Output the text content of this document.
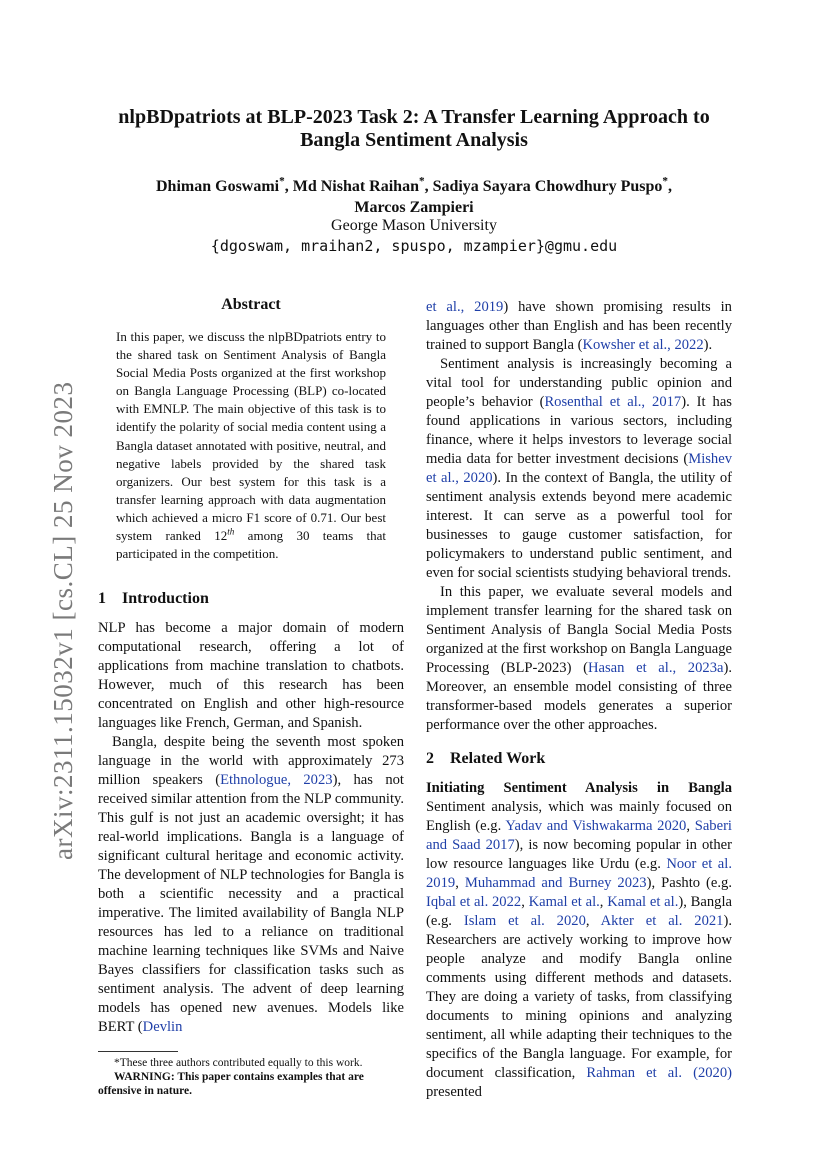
arXiv:2311.15032v1 [cs.CL] 25 Nov 2023
nlpBDpatriots at BLP-2023 Task 2: A Transfer Learning Approach to
Bangla Sentiment Analysis
Dhiman Goswami*, Md Nishat Raihan*, Sadiya Sayara Chowdhury Puspo*,
Marcos Zampieri
George Mason University
{dgoswam, mraihan2, spuspo, mzampier}@gmu.edu
Abstract

In this paper, we discuss the nlpBDpatriots entry to the shared task on Sentiment Analysis of Bangla Social Media Posts organized at the first workshop on Bangla Language Processing (BLP) co-located with EMNLP. The main objective of this task is to identify the polarity of social media content using a Bangla dataset annotated with positive, neutral, and negative labels provided by the shared task organizers. Our best system for this task is a transfer learning approach with data augmentation which achieved a micro F1 score of 0.71. Our best system ranked 12th among 30 teams that participated in the competition.

1 Introduction

NLP has become a major domain of modern computational research, offering a lot of applications from machine translation to chatbots. However, much of this research has been concentrated on English and other high-resource languages like French, German, and Spanish.

Bangla, despite being the seventh most spoken language in the world with approximately 273 million speakers (Ethnologue, 2023), has not received similar attention from the NLP community. This gulf is not just an academic oversight; it has real-world implications. Bangla is a language of significant cultural heritage and economic activity. The development of NLP technologies for Bangla is both a scientific necessity and a practical imperative. The limited availability of Bangla NLP resources has led to a reliance on traditional machine learning techniques like SVMs and Naive Bayes classifiers for classification tasks such as sentiment analysis. The advent of deep learning models has opened new avenues. Models like BERT (Devlin

*These three authors contributed equally to this work.
WARNING: This paper contains examples that are offensive in nature.

et al., 2019) have shown promising results in languages other than English and has been recently trained to support Bangla (Kowsher et al., 2022).

Sentiment analysis is increasingly becoming a vital tool for understanding public opinion and people’s behavior (Rosenthal et al., 2017). It has found applications in various sectors, including finance, where it helps investors to leverage social media data for better investment decisions (Mishev et al., 2020). In the context of Bangla, the utility of sentiment analysis extends beyond mere academic interest. It can serve as a powerful tool for businesses to gauge customer satisfaction, for policymakers to understand public sentiment, and even for social scientists studying behavioral trends.

In this paper, we evaluate several models and implement transfer learning for the shared task on Sentiment Analysis of Bangla Social Media Posts organized at the first workshop on Bangla Language Processing (BLP-2023) (Hasan et al., 2023a). Moreover, an ensemble model consisting of three transformer-based models generates a superior performance over the other approaches.

2 Related Work

Initiating Sentiment Analysis in Bangla Sentiment analysis, which was mainly focused on English (e.g. Yadav and Vishwakarma 2020, Saberi and Saad 2017), is now becoming popular in other low resource languages like Urdu (e.g. Noor et al. 2019, Muhammad and Burney 2023), Pashto (e.g. Iqbal et al. 2022, Kamal et al., Kamal et al.), Bangla (e.g. Islam et al. 2020, Akter et al. 2021). Researchers are actively working to improve how people analyze and modify Bangla online comments using different methods and datasets. They are doing a variety of tasks, from classifying documents to mining opinions and analyzing sentiment, all while adapting their techniques to the specifics of the Bangla language. For example, for document classification, Rahman et al. (2020) presented
